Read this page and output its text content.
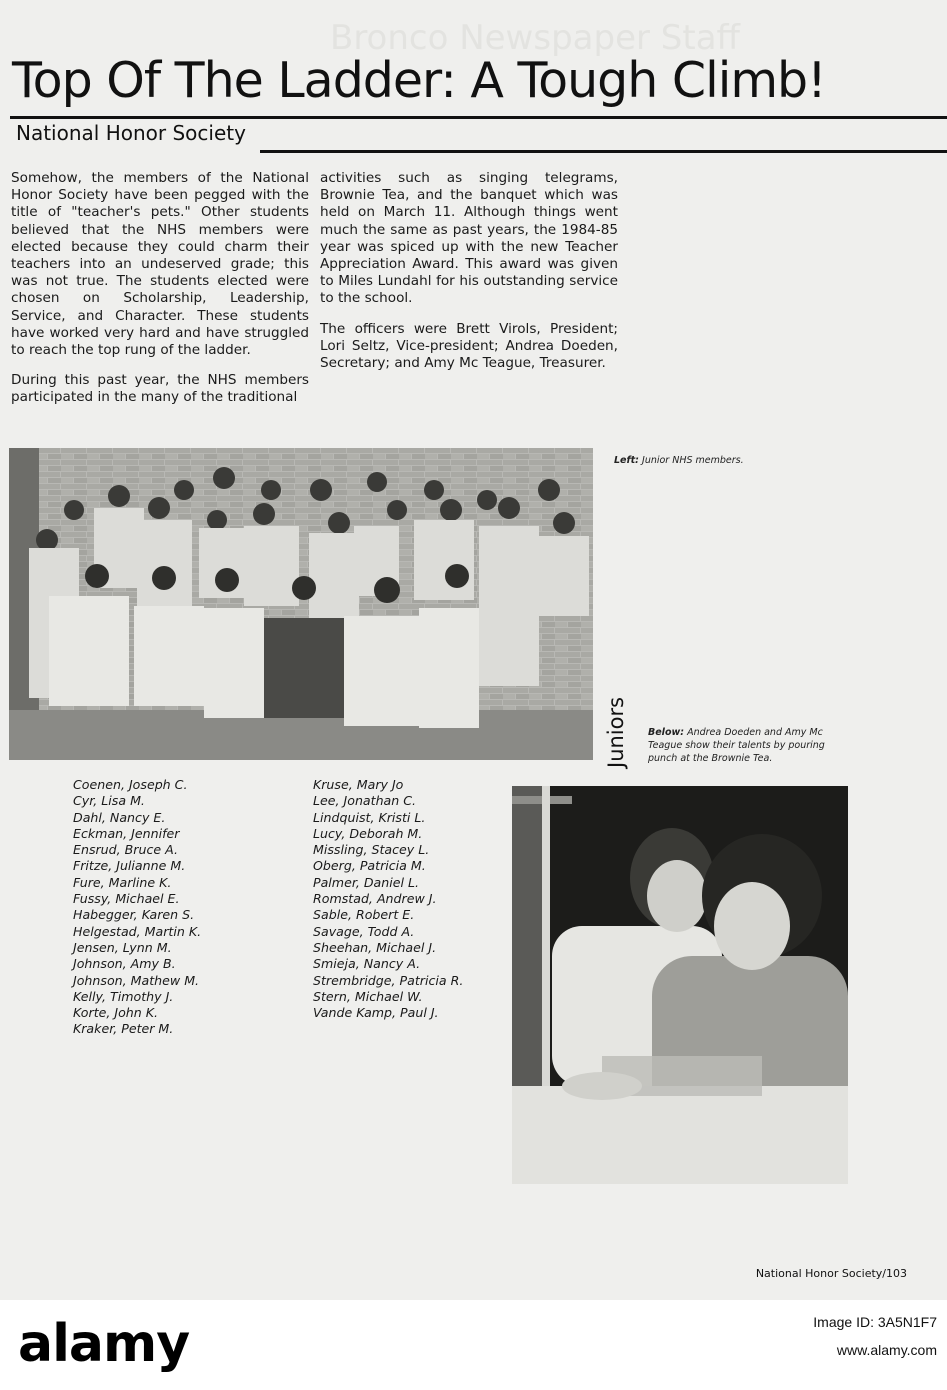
Bronco Newspaper Staff
Top Of The Ladder: A Tough Climb!
National Honor Society

Somehow, the members of the National Honor Society have been pegged with the title of "teacher's pets." Other students believed that the NHS members were elected because they could charm their teachers into an undeserved grade; this was not true. The students elected were chosen on Scholarship, Leadership, Service, and Character. These students have worked very hard and have struggled to reach the top rung of the ladder.

During this past year, the NHS members participated in the many of the traditional

activities such as singing telegrams, Brownie Tea, and the banquet which was held on March 11. Although things went much the same as past years, the 1984-85 year was spiced up with the new Teacher Appreciation Award. This award was given to Miles Lundahl for his outstanding service to the school.

The officers were Brett Virols, President; Lori Seltz, Vice-president; Andrea Doeden, Secretary; and Amy Mc Teague, Treasurer.

Left: Junior NHS members.
Juniors Below: Andrea Doeden and Amy Mc Teague show their talents by pouring punch at the Brownie Tea.
Coenen, Joseph C.
Cyr, Lisa M.
Dahl, Nancy E.
Eckman, Jennifer
Ensrud, Bruce A.
Fritze, Julianne M.
Fure, Marline K.
Fussy, Michael E.
Habegger, Karen S.
Helgestad, Martin K.
Jensen, Lynn M.
Johnson, Amy B.
Johnson, Mathew M.
Kelly, Timothy J.
Korte, John K.
Kraker, Peter M.
Kruse, Mary Jo
Lee, Jonathan C.
Lindquist, Kristi L.
Lucy, Deborah M.
Missling, Stacey L.
Oberg, Patricia M.
Palmer, Daniel L.
Romstad, Andrew J.
Sable, Robert E.
Savage, Todd A.
Sheehan, Michael J.
Smieja, Nancy A.
Strembridge, Patricia R.
Stern, Michael W.
Vande Kamp, Paul J.
National Honor Society/103
alamy	Image ID: 3A5N1F7
www.alamy.com
